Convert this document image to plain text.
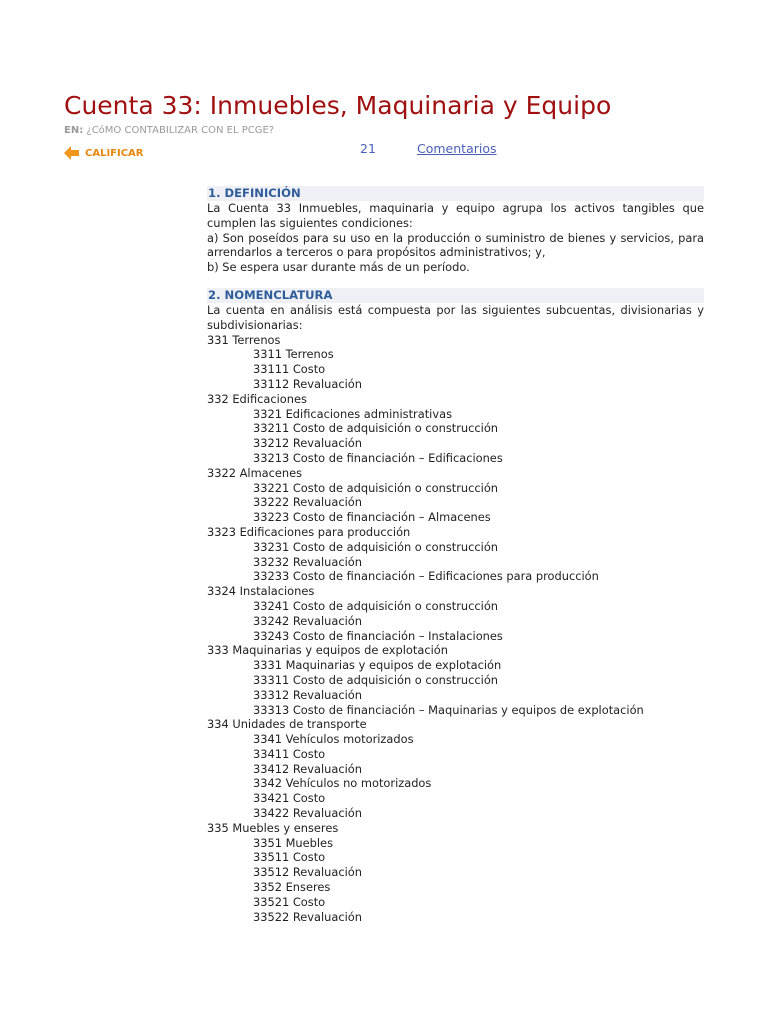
Cuenta 33: Inmuebles, Maquinaria y Equipo
EN: ¿CóMO CONTABILIZAR CON EL PCGE?
CALIFICAR	21	Comentarios
1. DEFINICIÓN
La Cuenta 33 Inmuebles, maquinaria y equipo agrupa los activos tangibles que cumplen las siguientes condiciones:
a) Son poseídos para su uso en la producción o suministro de bienes y servicios, para arrendarlos a terceros o para propósitos administrativos; y,
b) Se espera usar durante más de un período.
2. NOMENCLATURA
La cuenta en análisis está compuesta por las siguientes subcuentas, divisionarias y subdivisionarias:
331 Terrenos
3311 Terrenos
33111 Costo
33112 Revaluación
332 Edificaciones
3321 Edificaciones administrativas
33211 Costo de adquisición o construcción
33212 Revaluación
33213 Costo de financiación – Edificaciones
3322 Almacenes
33221 Costo de adquisición o construcción
33222 Revaluación
33223 Costo de financiación – Almacenes
3323 Edificaciones para producción
33231 Costo de adquisición o construcción
33232 Revaluación
33233 Costo de financiación – Edificaciones para producción
3324 Instalaciones
33241 Costo de adquisición o construcción
33242 Revaluación
33243 Costo de financiación – Instalaciones
333 Maquinarias y equipos de explotación
3331 Maquinarias y equipos de explotación
33311 Costo de adquisición o construcción
33312 Revaluación
33313 Costo de financiación – Maquinarias y equipos de explotación
334 Unidades de transporte
3341 Vehículos motorizados
33411 Costo
33412 Revaluación
3342 Vehículos no motorizados
33421 Costo
33422 Revaluación
335 Muebles y enseres
3351 Muebles
33511 Costo
33512 Revaluación
3352 Enseres
33521 Costo
33522 Revaluación
